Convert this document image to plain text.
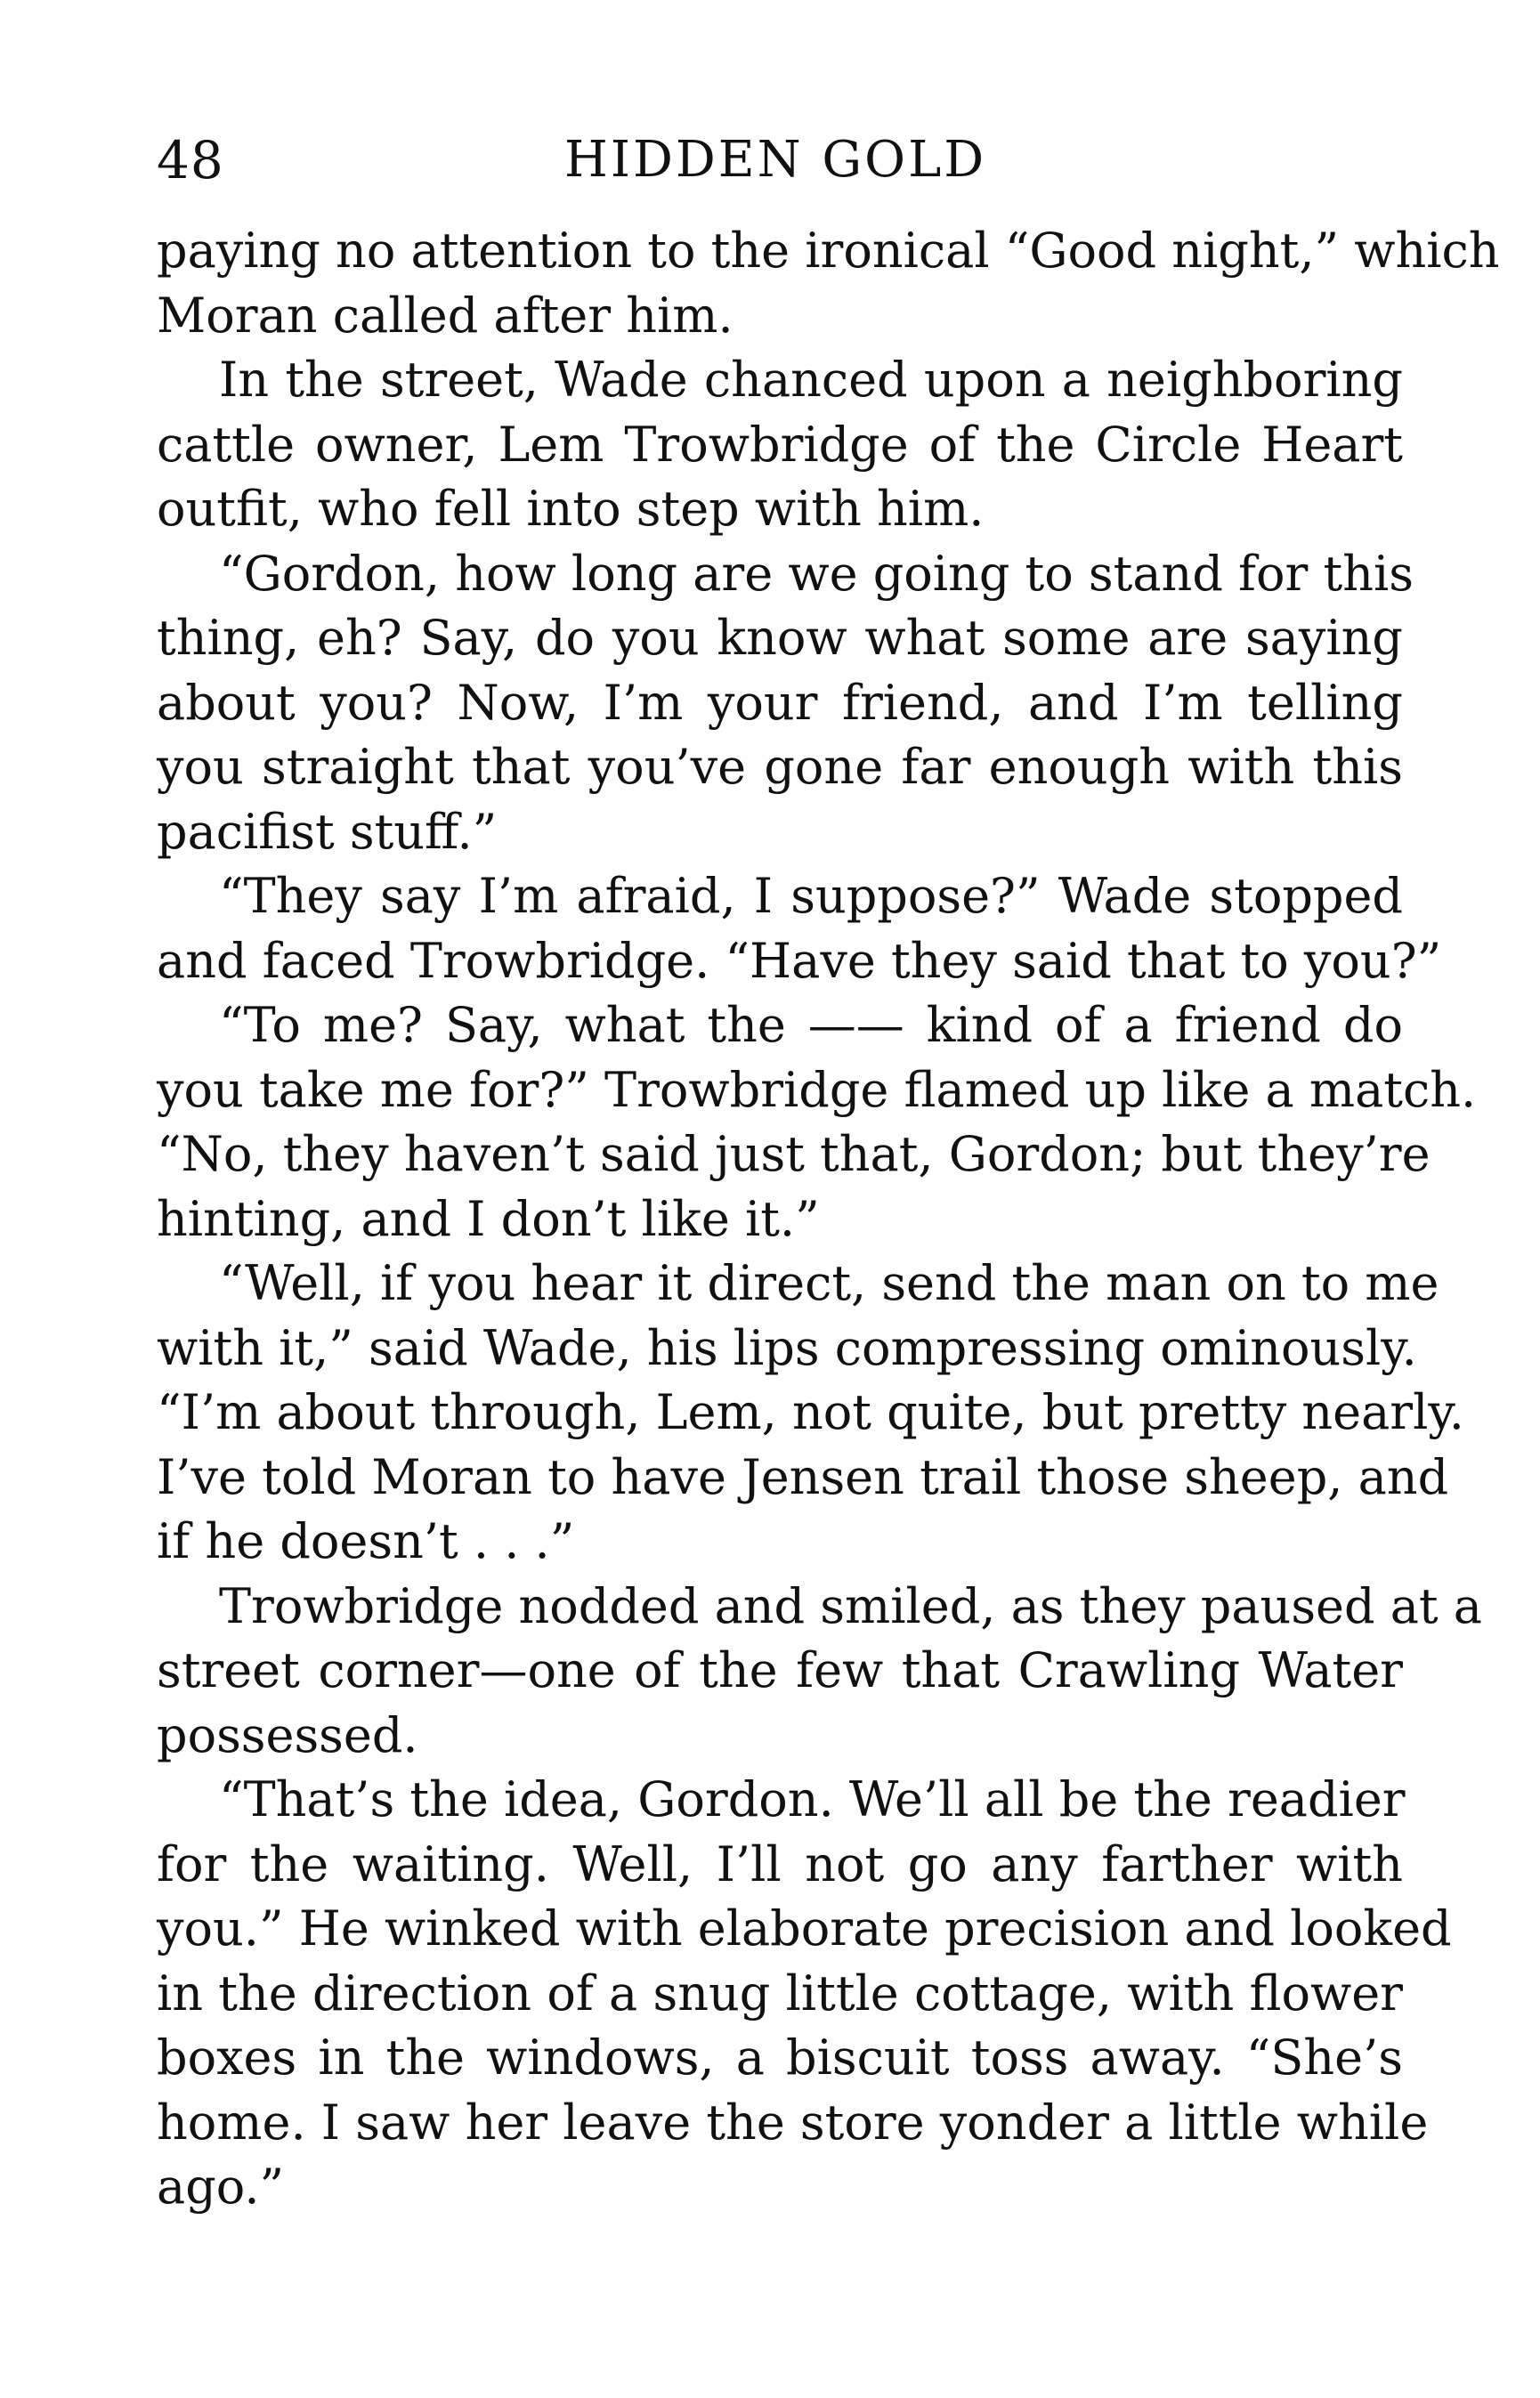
48	HIDDEN GOLD
paying no attention to the ironical “Good night,” which
Moran called after him.
In the street, Wade chanced upon a neighboring
cattle owner, Lem Trowbridge of the Circle Heart
outfit, who fell into step with him.
“Gordon, how long are we going to stand for this
thing, eh? Say, do you know what some are saying
about you? Now, I’m your friend, and I’m telling
you straight that you’ve gone far enough with this
pacifist stuff.”
“They say I’m afraid, I suppose?” Wade stopped
and faced Trowbridge. “Have they said that to you?”
“To me? Say, what the —— kind of a friend do
you take me for?” Trowbridge flamed up like a match.
“No, they haven’t said just that, Gordon; but they’re
hinting, and I don’t like it.”
“Well, if you hear it direct, send the man on to me
with it,” said Wade, his lips compressing ominously.
“I’m about through, Lem, not quite, but pretty nearly.
I’ve told Moran to have Jensen trail those sheep, and
if he doesn’t . . .”
Trowbridge nodded and smiled, as they paused at a
street corner—one of the few that Crawling Water
possessed.
“That’s the idea, Gordon. We’ll all be the readier
for the waiting. Well, I’ll not go any farther with
you.” He winked with elaborate precision and looked
in the direction of a snug little cottage, with flower
boxes in the windows, a biscuit toss away. “She’s
home. I saw her leave the store yonder a little while
ago.”
